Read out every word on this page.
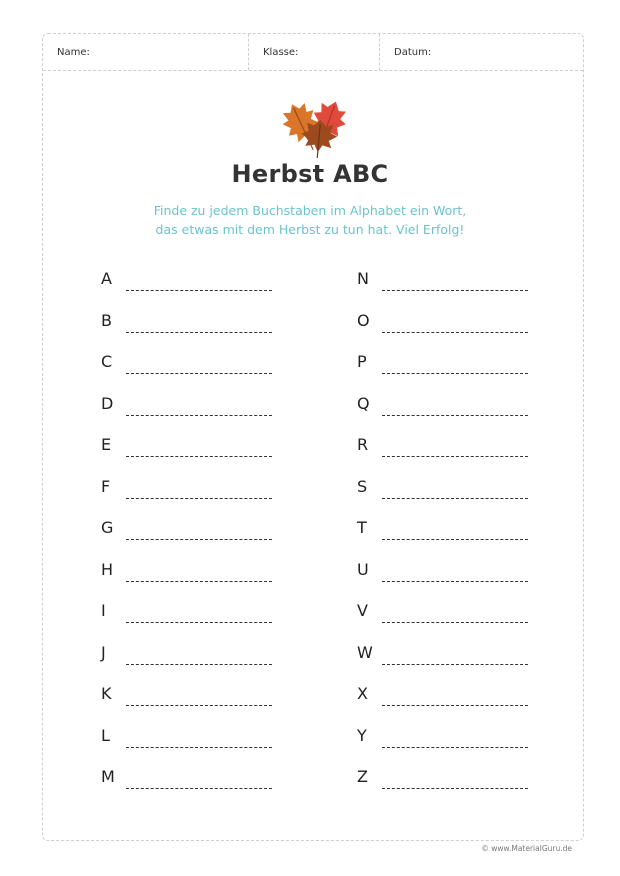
Name:	Klasse:	Datum:
Herbst ABC
Finde zu jedem Buchstaben im Alphabet ein Wort,
das etwas mit dem Herbst zu tun hat. Viel Erfolg!
A
B
C
D
E
F
G
H
I
J
K
L
M
N
O
P
Q
R
S
T
U
V
W
X
Y
Z
© www.MaterialGuru.de
